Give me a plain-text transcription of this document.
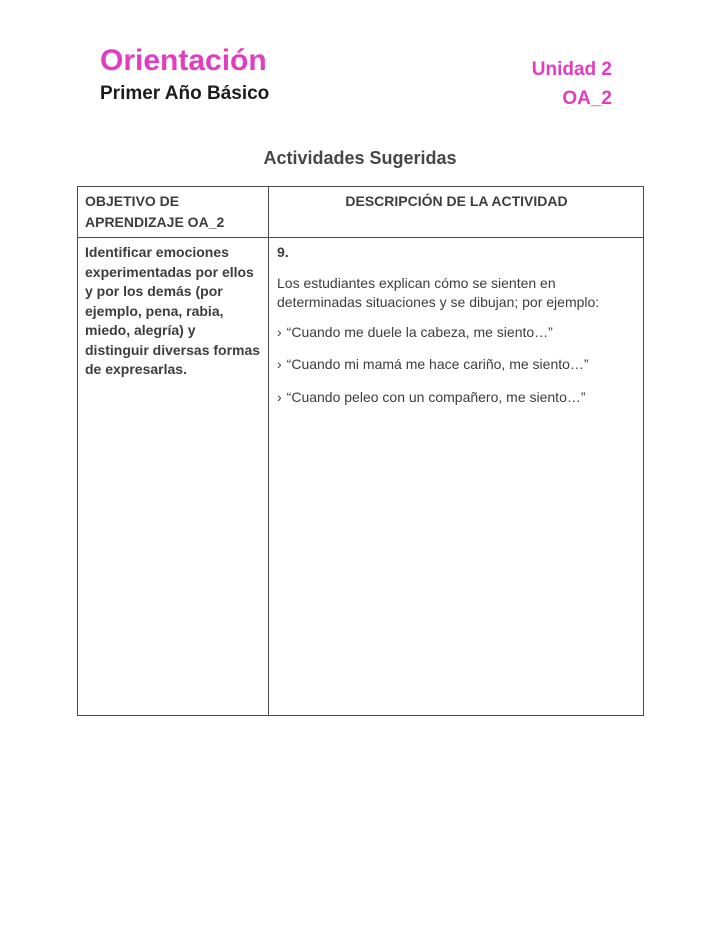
Orientación
Primer Año Básico
Unidad 2
OA_2
Actividades Sugeridas
OBJETIVO DE APRENDIZAJE OA_2	DESCRIPCIÓN DE LA ACTIVIDAD
Identificar emociones experimentadas por ellos y por los demás (por ejemplo, pena, rabia, miedo, alegría) y distinguir diversas formas de expresarlas.	9.

Los estudiantes explican cómo se sienten en determinadas situaciones y se dibujan; por ejemplo:

› “Cuando me duele la cabeza, me siento…”

› “Cuando mi mamá me hace cariño, me siento…”

› “Cuando peleo con un compañero, me siento…”
